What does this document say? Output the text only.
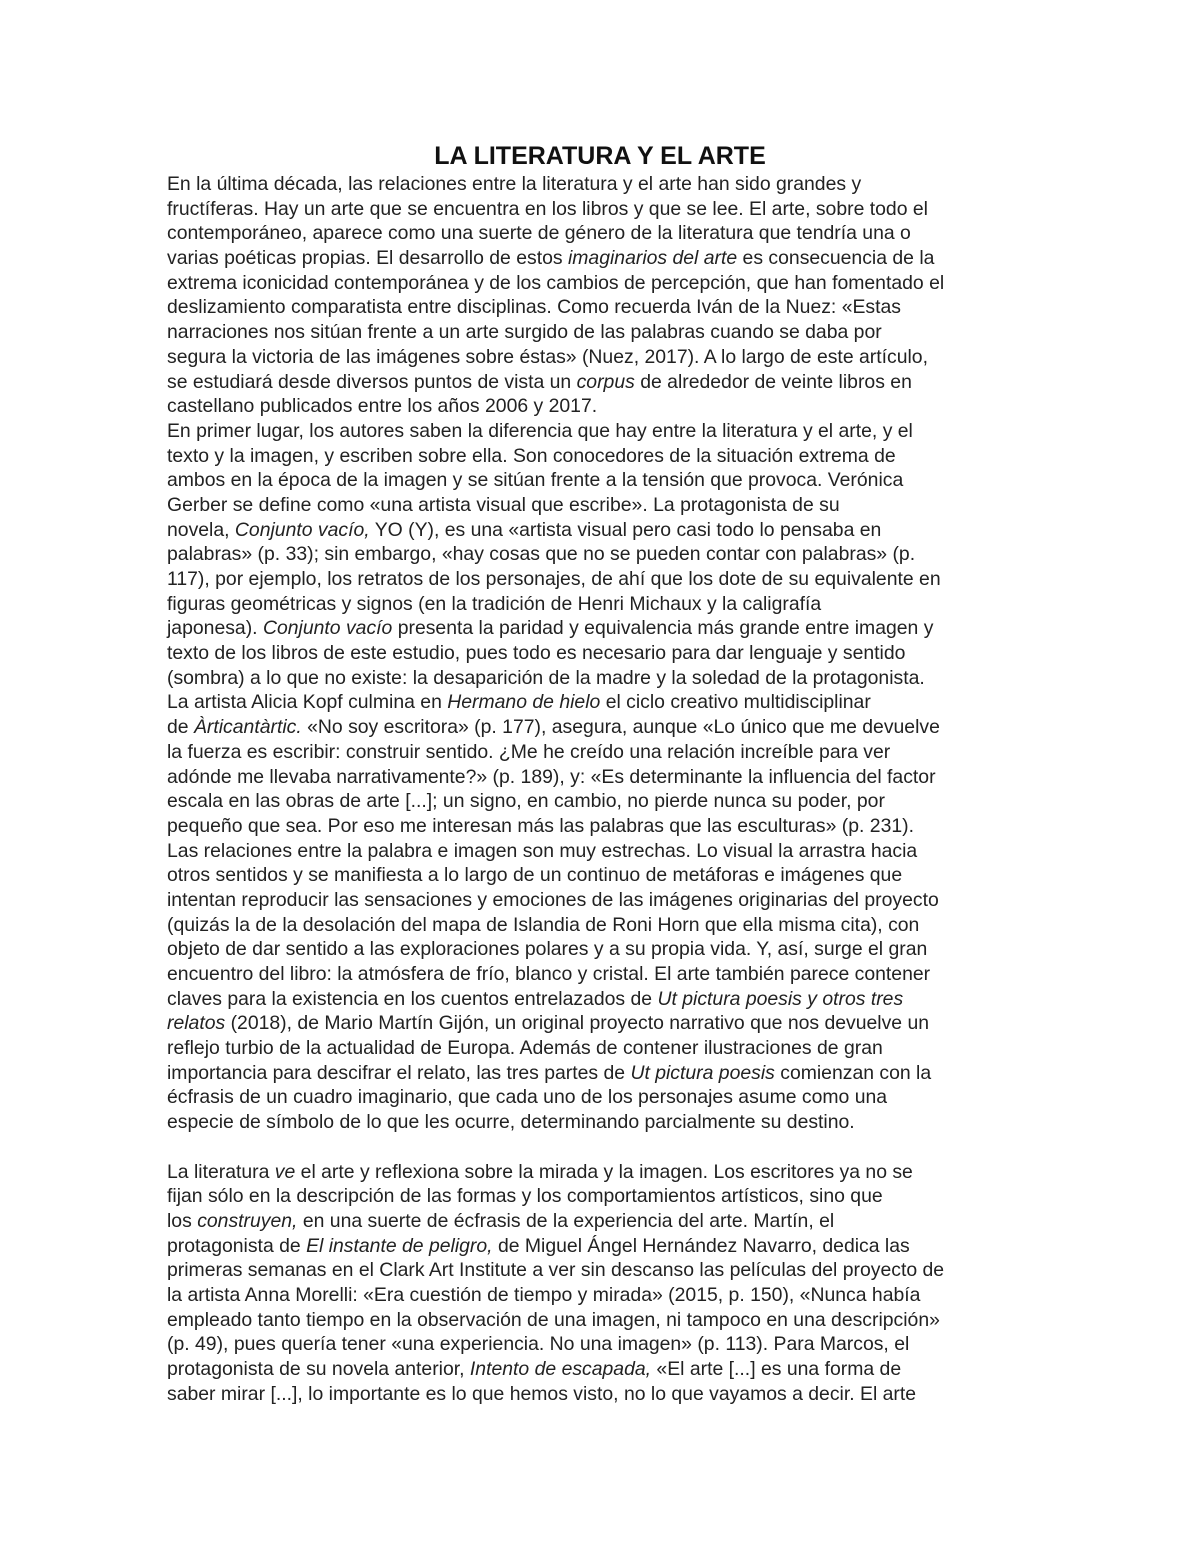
LA LITERATURA Y EL ARTE
En la última década, las relaciones entre la literatura y el arte han sido grandes y
fructíferas. Hay un arte que se encuentra en los libros y que se lee. El arte, sobre todo el
contemporáneo, aparece como una suerte de género de la literatura que tendría una o
varias poéticas propias. El desarrollo de estos imaginarios del arte es consecuencia de la
extrema iconicidad contemporánea y de los cambios de percepción, que han fomentado el
deslizamiento comparatista entre disciplinas. Como recuerda Iván de la Nuez: «Estas
narraciones nos sitúan frente a un arte surgido de las palabras cuando se daba por
segura la victoria de las imágenes sobre éstas» (Nuez, 2017). A lo largo de este artículo,
se estudiará desde diversos puntos de vista un corpus de alrededor de veinte libros en
castellano publicados entre los años 2006 y 2017.
En primer lugar, los autores saben la diferencia que hay entre la literatura y el arte, y el
texto y la imagen, y escriben sobre ella. Son conocedores de la situación extrema de
ambos en la época de la imagen y se sitúan frente a la tensión que provoca. Verónica
Gerber se define como «una artista visual que escribe». La protagonista de su
novela, Conjunto vacío, YO (Y), es una «artista visual pero casi todo lo pensaba en
palabras» (p. 33); sin embargo, «hay cosas que no se pueden contar con palabras» (p.
117), por ejemplo, los retratos de los personajes, de ahí que los dote de su equivalente en
figuras geométricas y signos (en la tradición de Henri Michaux y la caligrafía
japonesa). Conjunto vacío presenta la paridad y equivalencia más grande entre imagen y
texto de los libros de este estudio, pues todo es necesario para dar lenguaje y sentido
(sombra) a lo que no existe: la desaparición de la madre y la soledad de la protagonista.
La artista Alicia Kopf culmina en Hermano de hielo el ciclo creativo multidisciplinar
de Àrticantàrtic. «No soy escritora» (p. 177), asegura, aunque «Lo único que me devuelve
la fuerza es escribir: construir sentido. ¿Me he creído una relación increíble para ver
adónde me llevaba narrativamente?» (p. 189), y: «Es determinante la influencia del factor
escala en las obras de arte [...]; un signo, en cambio, no pierde nunca su poder, por
pequeño que sea. Por eso me interesan más las palabras que las esculturas» (p. 231).
Las relaciones entre la palabra e imagen son muy estrechas. Lo visual la arrastra hacia
otros sentidos y se manifiesta a lo largo de un continuo de metáforas e imágenes que
intentan reproducir las sensaciones y emociones de las imágenes originarias del proyecto
(quizás la de la desolación del mapa de Islandia de Roni Horn que ella misma cita), con
objeto de dar sentido a las exploraciones polares y a su propia vida. Y, así, surge el gran
encuentro del libro: la atmósfera de frío, blanco y cristal. El arte también parece contener
claves para la existencia en los cuentos entrelazados de Ut pictura poesis y otros tres
relatos (2018), de Mario Martín Gijón, un original proyecto narrativo que nos devuelve un
reflejo turbio de la actualidad de Europa. Además de contener ilustraciones de gran
importancia para descifrar el relato, las tres partes de Ut pictura poesis comienzan con la
écfrasis de un cuadro imaginario, que cada uno de los personajes asume como una
especie de símbolo de lo que les ocurre, determinando parcialmente su destino.
La literatura ve el arte y reflexiona sobre la mirada y la imagen. Los escritores ya no se
fijan sólo en la descripción de las formas y los comportamientos artísticos, sino que
los construyen, en una suerte de écfrasis de la experiencia del arte. Martín, el
protagonista de El instante de peligro, de Miguel Ángel Hernández Navarro, dedica las
primeras semanas en el Clark Art Institute a ver sin descanso las películas del proyecto de
la artista Anna Morelli: «Era cuestión de tiempo y mirada» (2015, p. 150), «Nunca había
empleado tanto tiempo en la observación de una imagen, ni tampoco en una descripción»
(p. 49), pues quería tener «una experiencia. No una imagen» (p. 113). Para Marcos, el
protagonista de su novela anterior, Intento de escapada, «El arte [...] es una forma de
saber mirar [...], lo importante es lo que hemos visto, no lo que vayamos a decir. El arte
